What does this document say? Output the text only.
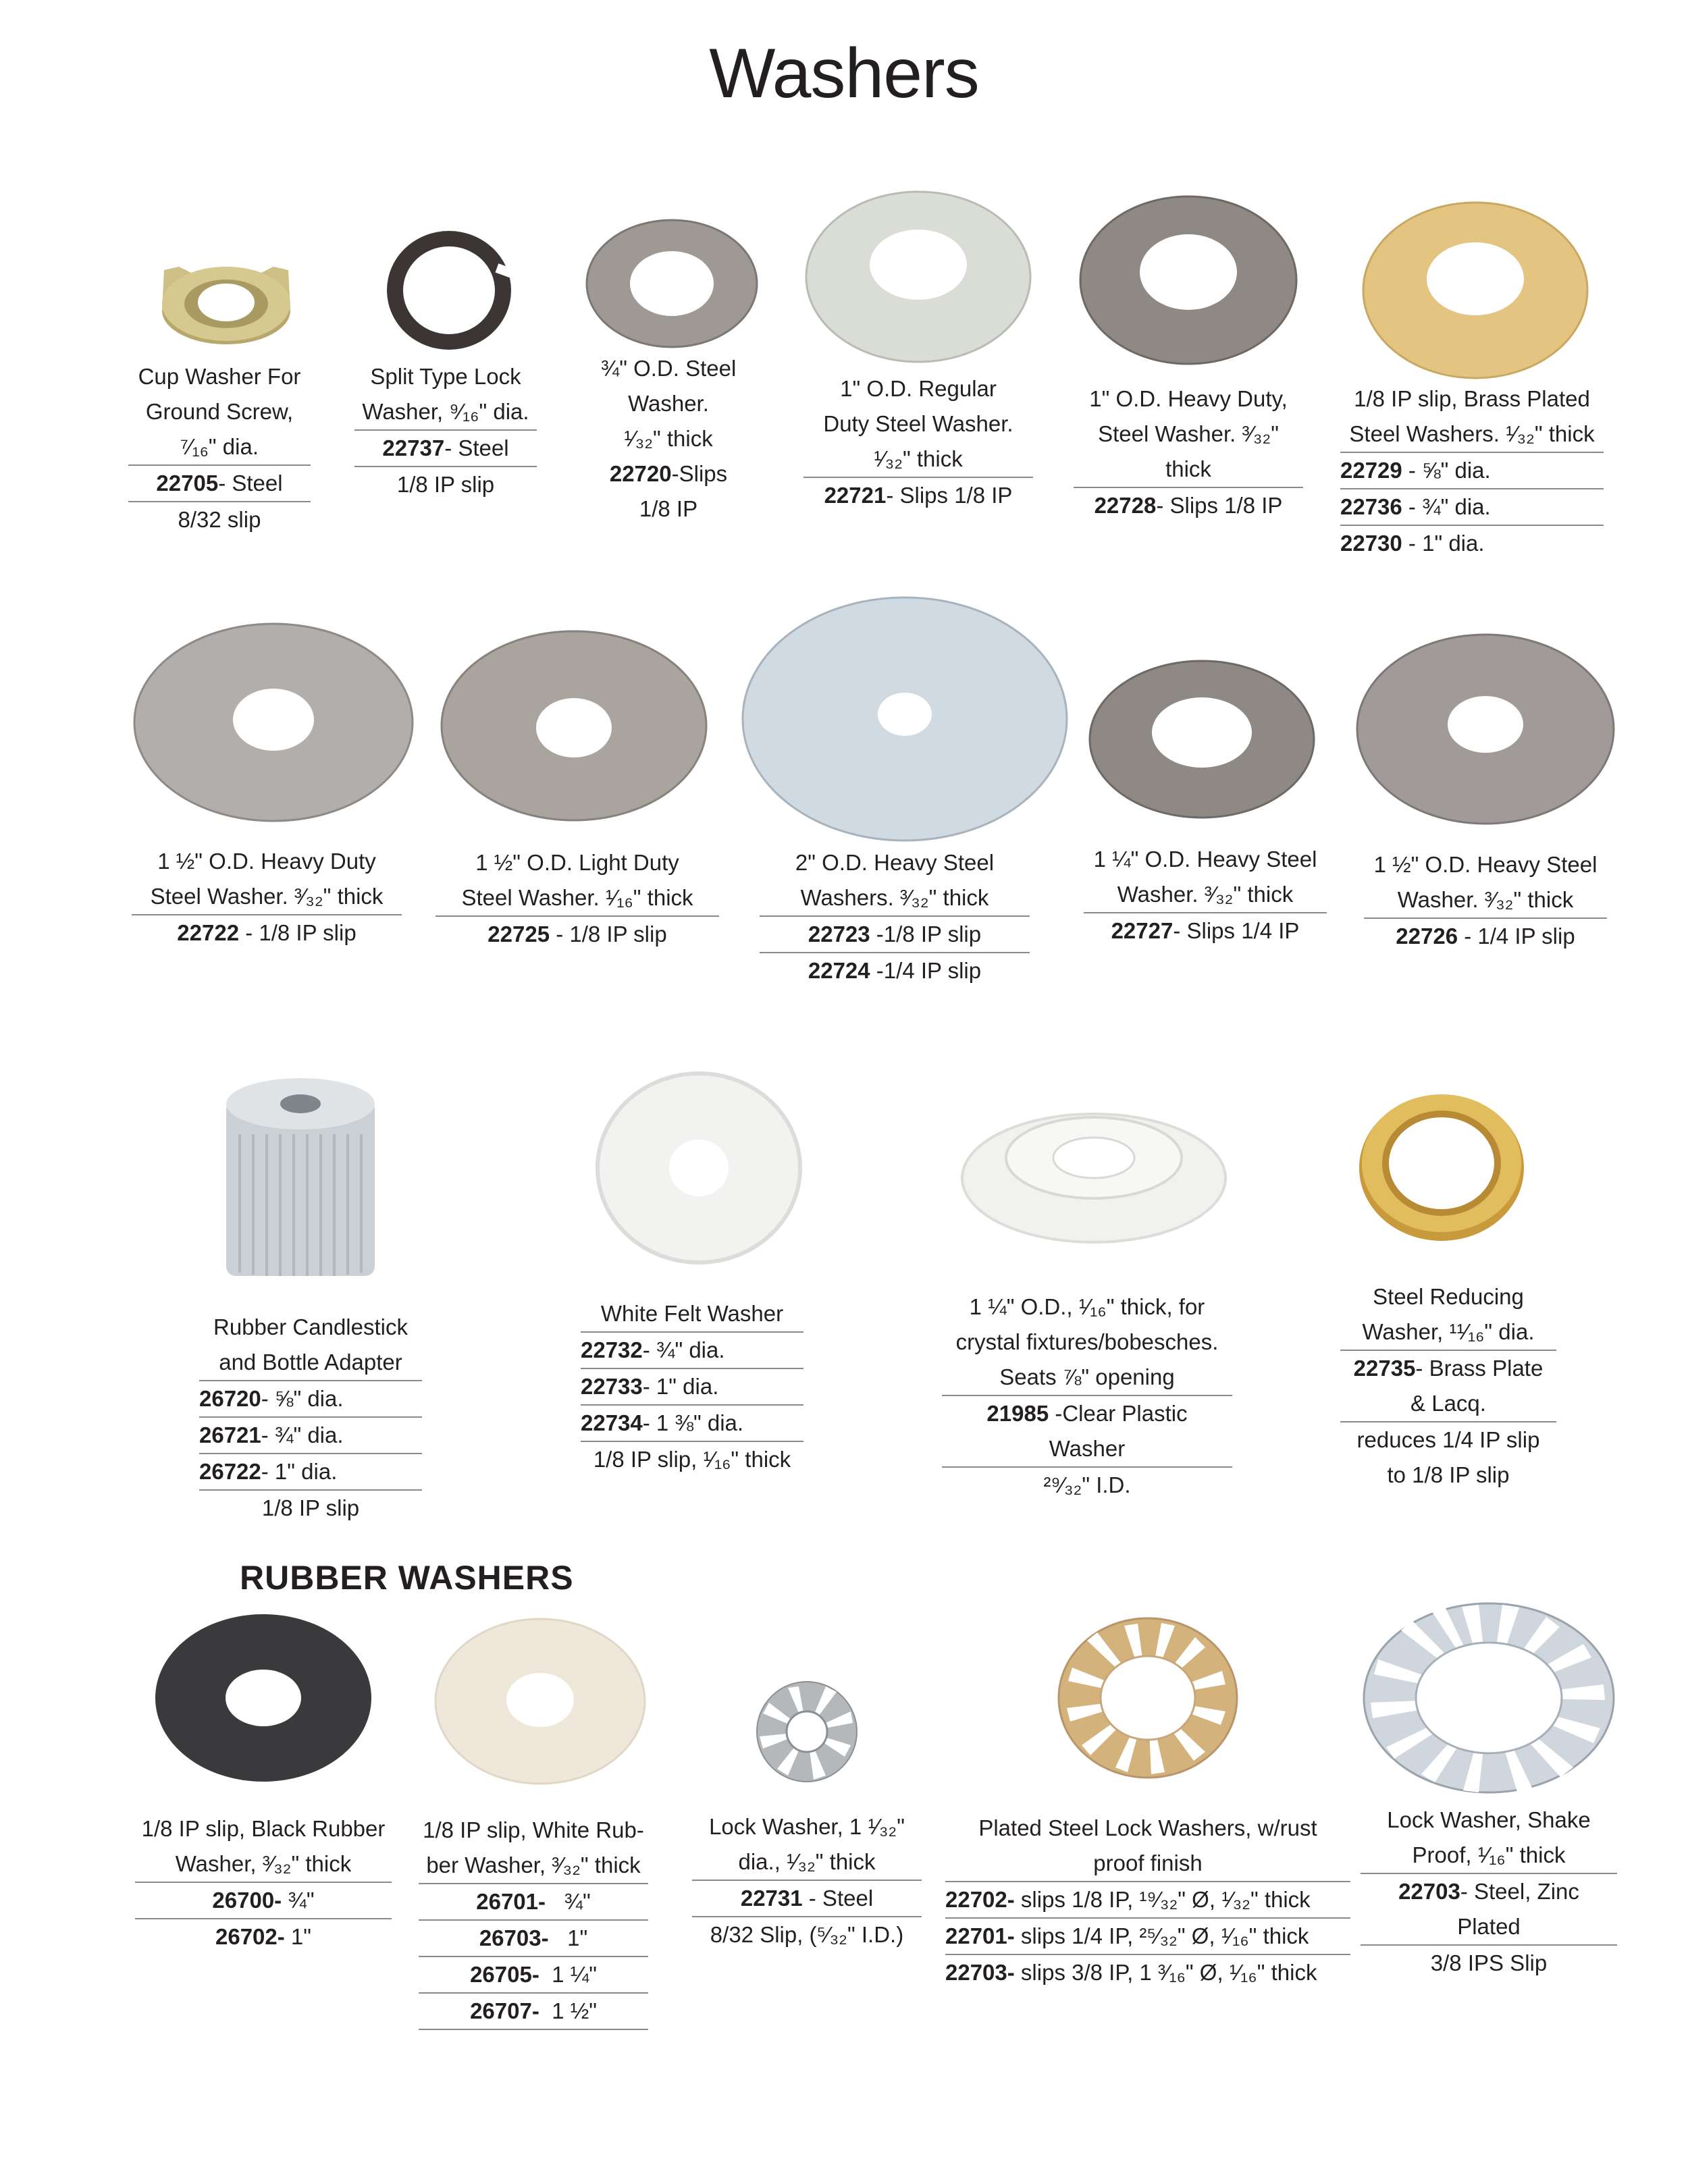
Washers
Cup Washer For
Ground Screw,
⁷⁄₁₆" dia.
22705- Steel
8/32 slip
Split Type Lock
Washer, ⁹⁄₁₆" dia.
22737- Steel
1/8 IP slip
¾" O.D. Steel
Washer.
¹⁄₃₂" thick
22720-Slips
1/8 IP
1" O.D. Regular
Duty Steel Washer.
¹⁄₃₂" thick
22721- Slips 1/8 IP
1" O.D. Heavy Duty,
Steel Washer. ³⁄₃₂"
thick
22728- Slips 1/8 IP
1/8 IP slip, Brass Plated
Steel Washers. ¹⁄₃₂" thick
22729 - ⅝" dia.
22736 - ¾" dia.
22730 - 1" dia.
1 ½" O.D. Heavy Duty
Steel Washer. ³⁄₃₂" thick
22722 - 1/8 IP slip
1 ½" O.D. Light Duty
Steel Washer. ¹⁄₁₆" thick
22725 - 1/8 IP slip
2" O.D. Heavy Steel
Washers. ³⁄₃₂" thick
22723 -1/8 IP slip
22724 -1/4 IP slip
1 ¼" O.D. Heavy Steel
Washer. ³⁄₃₂" thick
22727- Slips 1/4 IP
1 ½" O.D. Heavy Steel
Washer. ³⁄₃₂" thick
22726 - 1/4 IP slip
Rubber Candlestick
and Bottle Adapter
26720- ⅝" dia.
26721- ¾" dia.
26722- 1" dia.
1/8 IP slip
White Felt Washer
22732- ¾" dia.
22733- 1" dia.
22734- 1 ⅜" dia.
1/8 IP slip, ¹⁄₁₆" thick
1 ¼" O.D., ¹⁄₁₆" thick, for
crystal fixtures/bobesches.
Seats ⅞" opening
21985 -Clear Plastic
Washer
²⁹⁄₃₂" I.D.
Steel Reducing
Washer, ¹¹⁄₁₆" dia.
22735- Brass Plate
& Lacq.
reduces 1/4 IP slip
to 1/8 IP slip
RUBBER WASHERS
1/8 IP slip, Black Rubber
Washer, ³⁄₃₂" thick
26700- ¾"
26702- 1"
1/8 IP slip, White Rub-
ber Washer, ³⁄₃₂" thick
26701- ¾"
26703- 1"
26705- 1 ¼"
26707- 1 ½"
Lock Washer, 1 ¹⁄₃₂"
dia., ¹⁄₃₂" thick
22731 - Steel
8/32 Slip, (⁵⁄₃₂" I.D.)
Plated Steel Lock Washers, w/rust
proof finish
22702- slips 1/8 IP, ¹⁹⁄₃₂" Ø, ¹⁄₃₂" thick
22701- slips 1/4 IP, ²⁵⁄₃₂" Ø, ¹⁄₁₆" thick
22703- slips 3/8 IP, 1 ³⁄₁₆" Ø, ¹⁄₁₆" thick
Lock Washer, Shake
Proof, ¹⁄₁₆" thick
22703- Steel, Zinc
Plated
3/8 IPS Slip
